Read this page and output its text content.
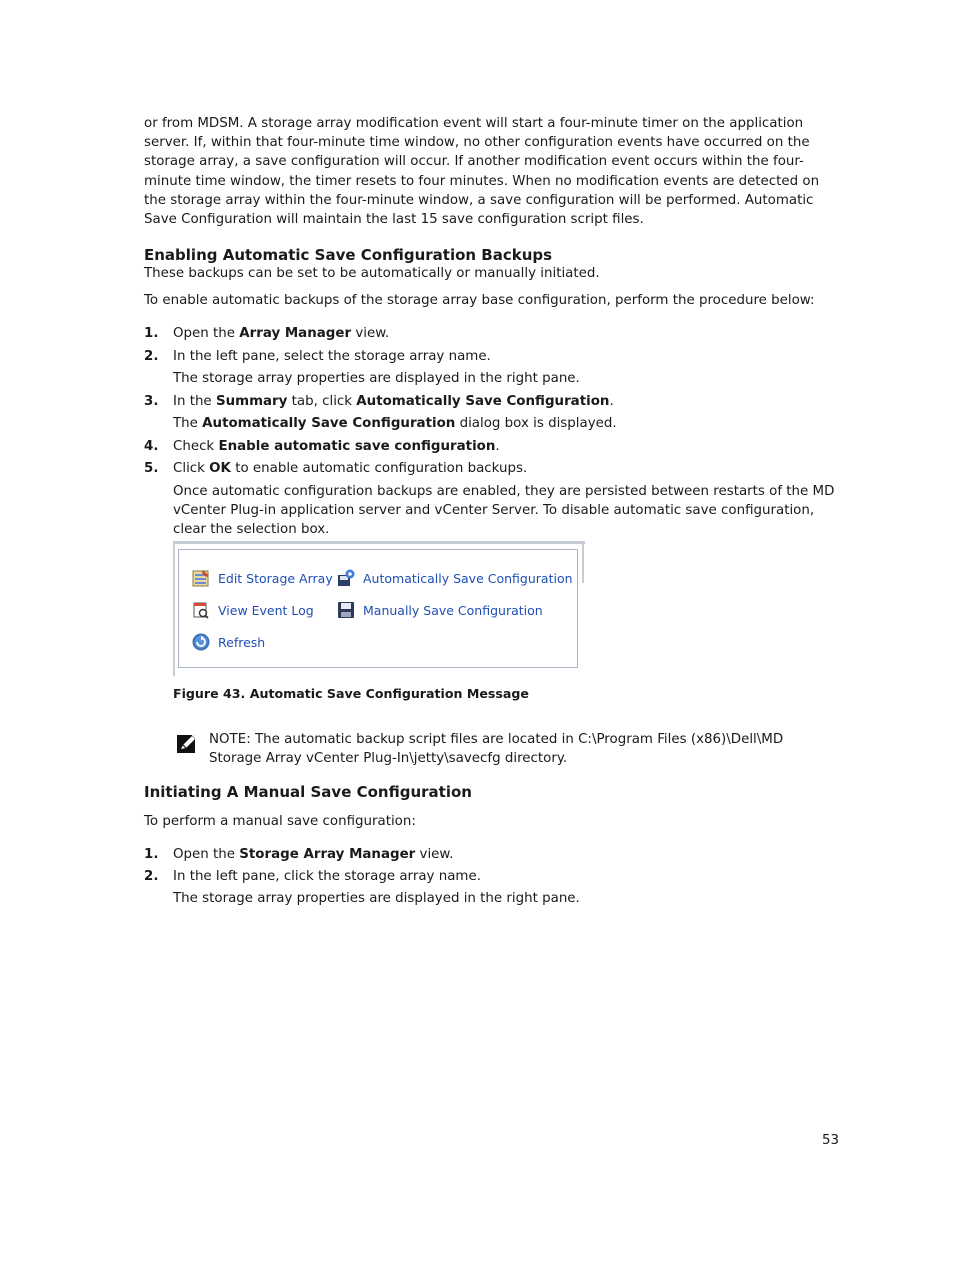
or from MDSM. A storage array modification event will start a four-minute timer on the application server. If, within that four-minute time window, no other configuration events have occurred on the storage array, a save configuration will occur. If another modification event occurs within the four-minute time window, the timer resets to four minutes. When no modification events are detected on the storage array within the four-minute window, a save configuration will be performed. Automatic Save Configuration will maintain the last 15 save configuration script files.

Enabling Automatic Save Configuration Backups

These backups can be set to be automatically or manually initiated.

To enable automatic backups of the storage array base configuration, perform the procedure below:

1. Open the Array Manager view.
2. In the left pane, select the storage array name.
The storage array properties are displayed in the right pane.
3. In the Summary tab, click Automatically Save Configuration.
The Automatically Save Configuration dialog box is displayed.
4. Check Enable automatic save configuration.
5. Click OK to enable automatic configuration backups.
Once automatic configuration backups are enabled, they are persisted between restarts of the MD vCenter Plug-in application server and vCenter Server. To disable automatic save configuration, clear the selection box.
Edit Storage Array Automatically Save Configuration
View Event Log	Manually Save Configuration
Refresh
Figure 43. Automatic Save Configuration Message
NOTE: The automatic backup script files are located in C:\Program Files (x86)\Dell\MD Storage Array vCenter Plug-In\jetty\savecfg directory.
Initiating A Manual Save Configuration

To perform a manual save configuration:

1. Open the Storage Array Manager view.
2. In the left pane, click the storage array name.
The storage array properties are displayed in the right pane.
53
